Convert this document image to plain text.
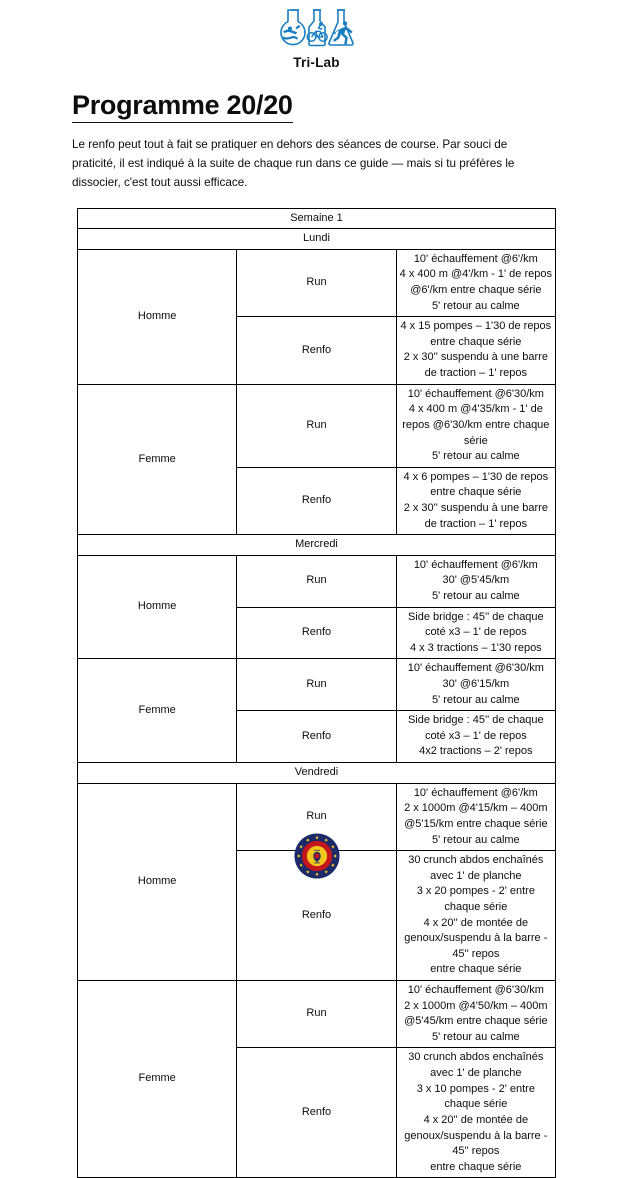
Tri-Lab
Programme 20/20

Le renfo peut tout à fait se pratiquer en dehors des séances de course. Par souci de praticité, il est indiqué à la suite de chaque run dans ce guide — mais si tu préfères le dissocier, c'est tout aussi efficace.

Semaine 1		
Lundi		
Homme	Run	10' échauffement @6'/km
4 x 400 m @4'/km - 1' de repos @6'/km entre chaque série
5' retour au calme

	Renfo	4 x 15 pompes – 1'30 de repos entre chaque série
2 x 30'' suspendu à une barre de traction – 1' repos

Femme	Run	10' échauffement @6'30/km
4 x 400 m @4'35/km - 1' de repos @6'30/km entre chaque série
5' retour au calme

	Renfo	4 x 6 pompes – 1'30 de repos entre chaque série
2 x 30'' suspendu à une barre de traction – 1' repos

Mercredi		
Homme	Run	10' échauffement @6'/km
30' @5'45/km
5' retour au calme

	Renfo	Side bridge : 45'' de chaque coté x3 – 1' de repos
4 x 3 tractions – 1'30 repos

Femme	Run	10' échauffement @6'30/km
30' @6'15/km
5' retour au calme

	Renfo	Side bridge : 45'' de chaque coté x3 – 1' de repos
4x2 tractions – 2' repos

Vendredi		
Homme	Run	10' échauffement @6'/km
2 x 1000m @4'15/km – 400m @5'15/km entre chaque série
5' retour au calme

	Renfo	30 crunch abdos enchaînés avec 1' de planche
3 x 20 pompes - 2' entre chaque série
4 x 20'' de montée de genoux/suspendu à la barre - 45'' repos
entre chaque série

Femme	Run	10' échauffement @6'30/km
2 x 1000m @4'50/km – 400m @5'45/km entre chaque série
5' retour au calme

	Renfo	30 crunch abdos enchaînés avec 1' de planche
3 x 10 pompes - 2' entre chaque série
4 x 20'' de montée de genoux/suspendu à la barre - 45'' repos
entre chaque série
